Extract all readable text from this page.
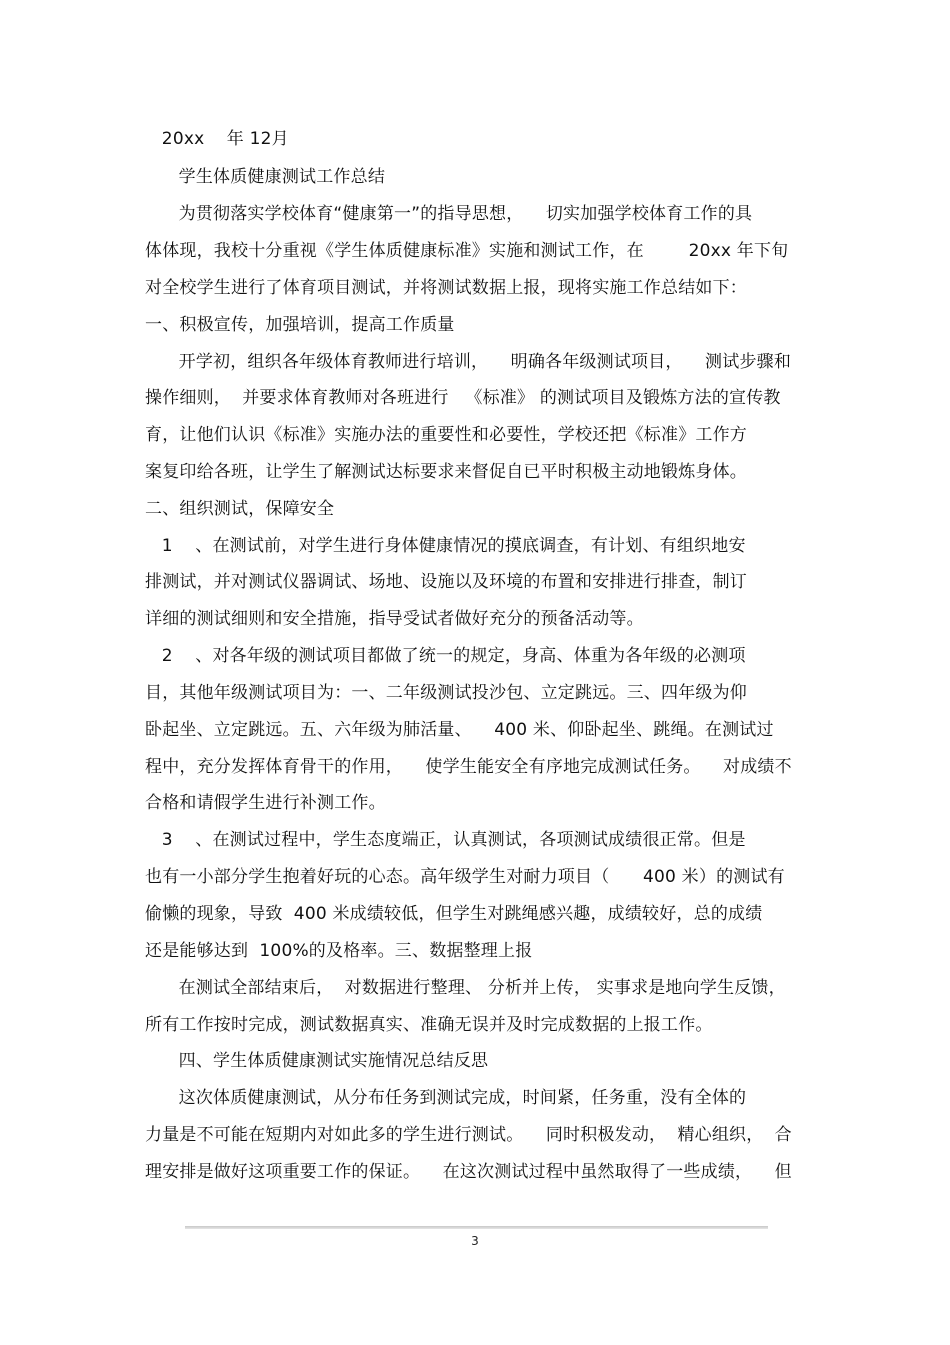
20xx    年 12月
学生体质健康测试工作总结
为贯彻落实学校体育“健康第一”的指导思想，    切实加强学校体育工作的具
体体现，我校十分重视《学生体质健康标准》实施和测试工作，在        20xx 年下旬
对全校学生进行了体育项目测试，并将测试数据上报，现将实施工作总结如下：
一、积极宣传，加强培训，提高工作质量
开学初，组织各年级体育教师进行培训，    明确各年级测试项目，    测试步骤和
操作细则，  并要求体育教师对各班进行   《标准》 的测试项目及锻炼方法的宣传教
育，让他们认识《标准》实施办法的重要性和必要性，学校还把《标准》工作方
案复印给各班，让学生了解测试达标要求来督促自已平时积极主动地锻炼身体。
二、组织测试，保障安全
1    、在测试前，对学生进行身体健康情况的摸底调查，有计划、有组织地安
排测试，并对测试仪器调试、场地、设施以及环境的布置和安排进行排查，制订
详细的测试细则和安全措施，指导受试者做好充分的预备活动等。
2    、对各年级的测试项目都做了统一的规定，身高、体重为各年级的必测项
目，其他年级测试项目为：一、二年级测试投沙包、立定跳远。三、四年级为仰
卧起坐、立定跳远。五、六年级为肺活量、    400 米、仰卧起坐、跳绳。在测试过
程中，充分发挥体育骨干的作用，    使学生能安全有序地完成测试任务。    对成绩不
合格和请假学生进行补测工作。
3    、在测试过程中，学生态度端正，认真测试，各项测试成绩很正常。但是
也有一小部分学生抱着好玩的心态。高年级学生对耐力项目（      400 米）的测试有
偷懒的现象，导致  400 米成绩较低，但学生对跳绳感兴趣，成绩较好，总的成绩
还是能够达到  100%的及格率。三、数据整理上报
在测试全部结束后，  对数据进行整理、 分析并上传， 实事求是地向学生反馈，
所有工作按时完成，测试数据真实、准确无误并及时完成数据的上报工作。
四、学生体质健康测试实施情况总结反思
这次体质健康测试，从分布任务到测试完成，时间紧，任务重，没有全体的
力量是不可能在短期内对如此多的学生进行测试。    同时积极发动，  精心组织，  合
理安排是做好这项重要工作的保证。    在这次测试过程中虽然取得了一些成绩，    但
3
